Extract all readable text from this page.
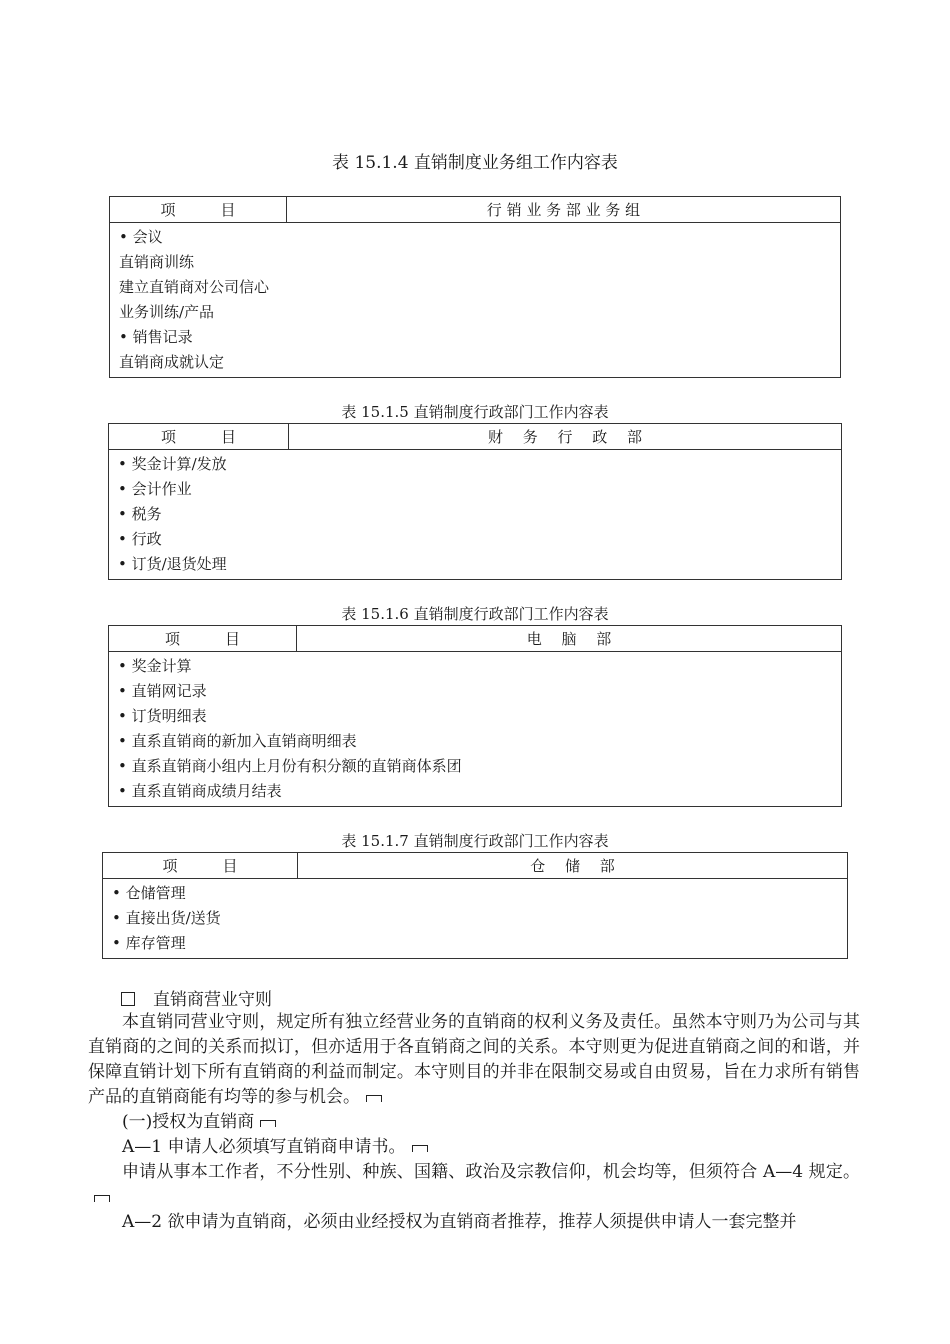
表 15.1.4 直销制度业务组工作内容表
项　　　目	行 销 业 务 部 业 务 组

• 会议
直销商训练
建立直销商对公司信心
业务训练/产品
• 销售记录
直销商成就认定
表 15.1.5 直销制度行政部门工作内容表
项　　　目	财　 务　 行　 政　 部

• 奖金计算/发放
• 会计作业
• 税务
• 行政
• 订货/退货处理
表 15.1.6 直销制度行政部门工作内容表
项　　　目	电　 脑　 部

• 奖金计算
• 直销网记录
• 订货明细表
• 直系直销商的新加入直销商明细表
• 直系直销商小组内上月份有积分额的直销商体系团
• 直系直销商成绩月结表
表 15.1.7 直销制度行政部门工作内容表
项　　　目	仓　 储　 部

• 仓储管理
• 直接出货/送货
• 库存管理
直销商营业守则
本直销同营业守则，规定所有独立经营业务的直销商的权利义务及责任。虽然本守则乃为公司与其直销商的之间的关系而拟订，但亦适用于各直销商之间的关系。本守则更为促进直销商之间的和谐，并保障直销计划下所有直销商的利益而制定。本守则目的并非在限制交易或自由贸易，旨在力求所有销售产品的直销商能有均等的参与机会。
(一)授权为直销商
A—1 申请人必须填写直销商申请书。
申请从事本工作者，不分性别、种族、国籍、政治及宗教信仰，机会均等，但须符合 A—4 规定。
A—2 欲申请为直销商，必须由业经授权为直销商者推荐，推荐人须提供申请人一套完整并
